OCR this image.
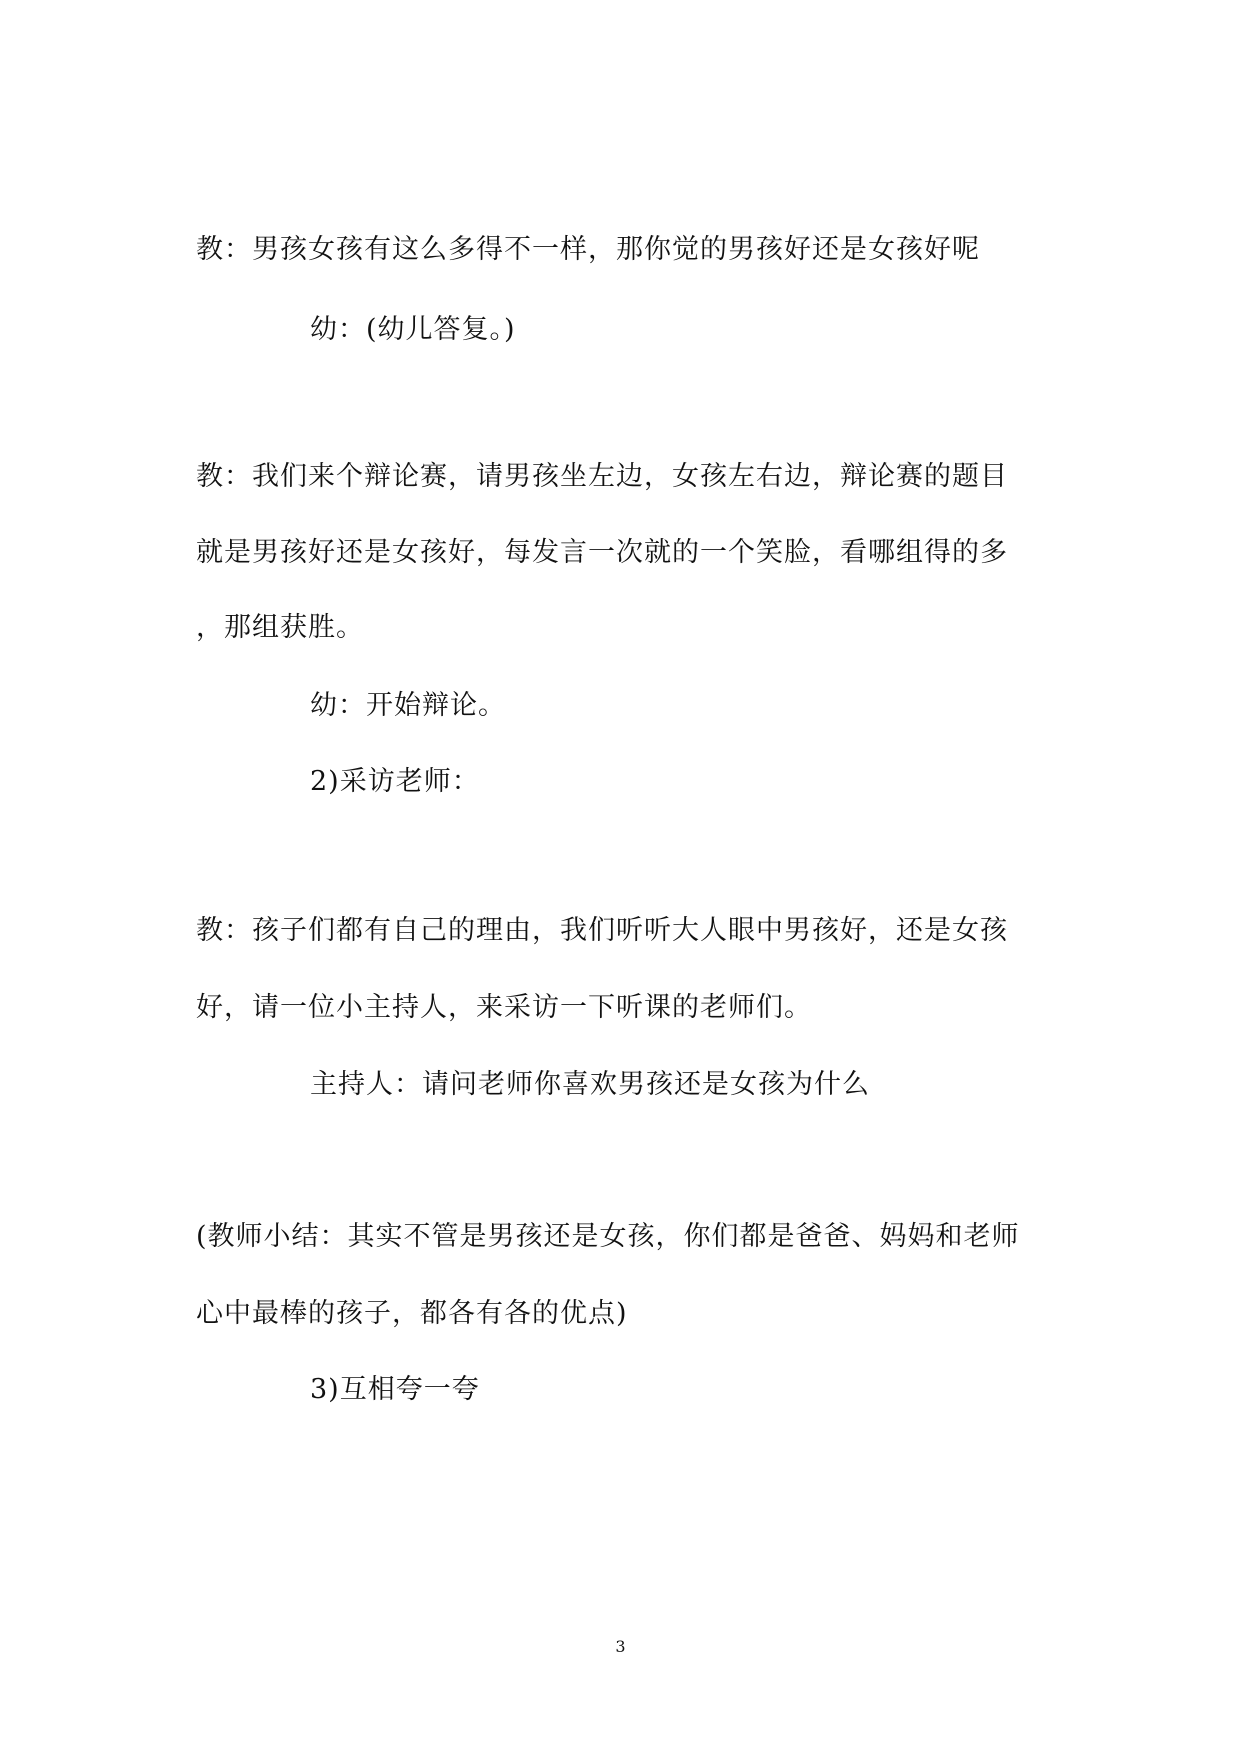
教：男孩女孩有这么多得不一样，那你觉的男孩好还是女孩好呢
幼：(幼儿答复。)
教：我们来个辩论赛，请男孩坐左边，女孩左右边，辩论赛的题目
就是男孩好还是女孩好，每发言一次就的一个笑脸，看哪组得的多
，那组获胜。
幼：开始辩论。
2)采访老师：
教：孩子们都有自己的理由，我们听听大人眼中男孩好，还是女孩
好，请一位小主持人，来采访一下听课的老师们。
主持人：请问老师你喜欢男孩还是女孩为什么
(教师小结：其实不管是男孩还是女孩，你们都是爸爸、妈妈和老师
心中最棒的孩子，都各有各的优点)
3)互相夸一夸
3
